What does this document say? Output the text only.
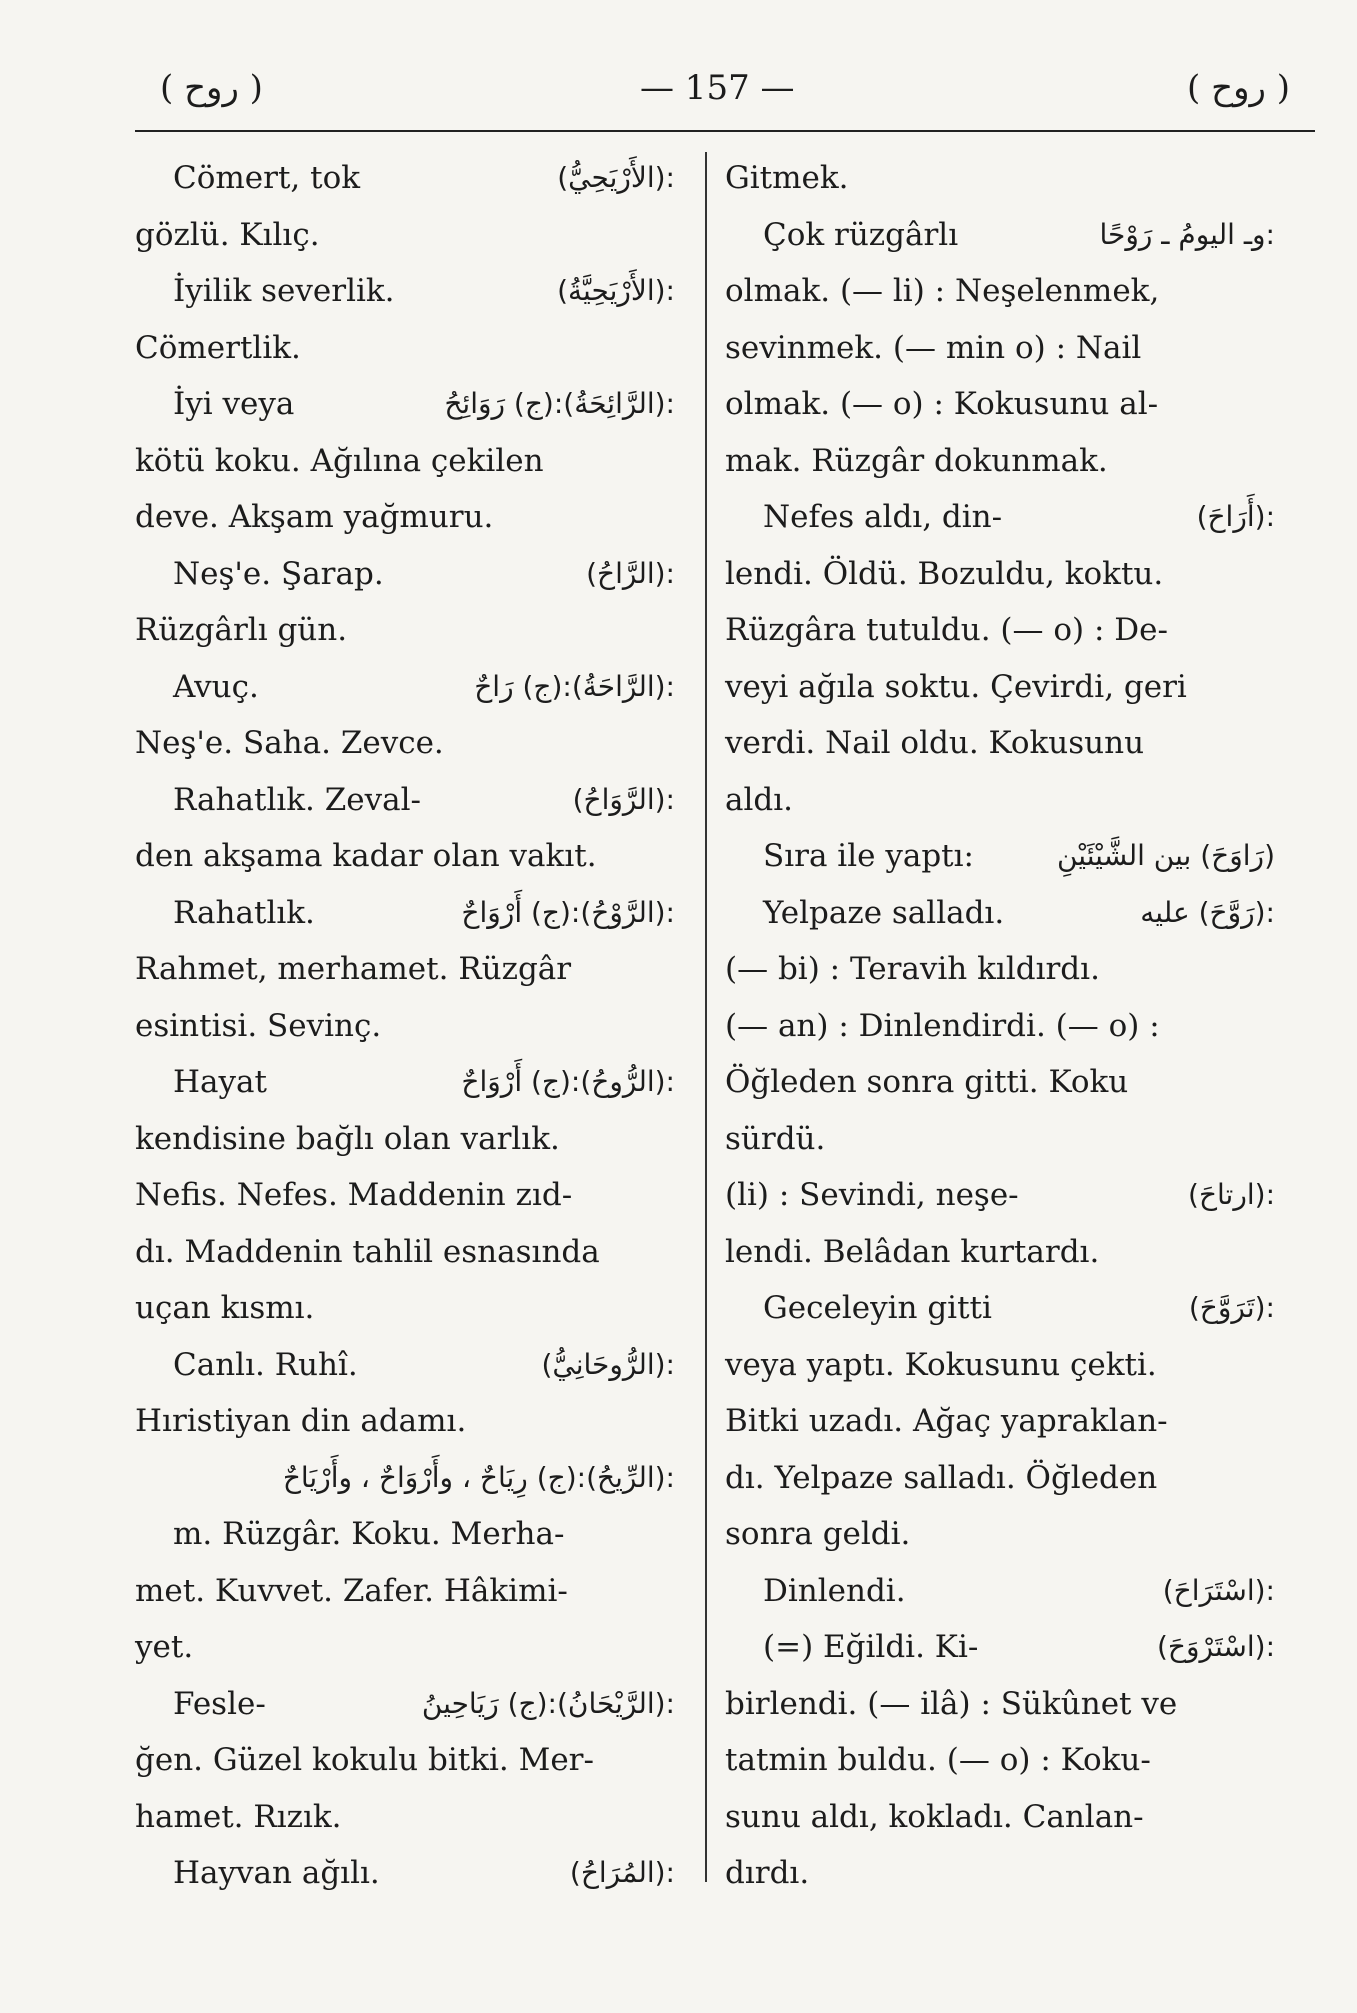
( روح )	— 157 —	( روح )
Cömert, tok	:(الأَرْيَحِيُّ)
gözlü. Kılıç.
İyilik severlik.	:(الأَرْيَحِيَّةُ)
Cömertlik.
İyi veya	:(الرَّائِحَةُ):(ج) رَوَائِحُ
kötü koku. Ağılına çekilen
deve. Akşam yağmuru.
Neş'e. Şarap.	:(الرَّاحُ)
Rüzgârlı gün.
Avuç.	:(الرَّاحَةُ):(ج) رَاحٌ
Neş'e. Saha. Zevce.
Rahatlık. Zeval-	:(الرَّوَاحُ)
den akşama kadar olan vakıt.
Rahatlık.	:(الرَّوْحُ):(ج) أَرْوَاحٌ
Rahmet, merhamet. Rüzgâr
esintisi. Sevinç.
Hayat	:(الرُّوحُ):(ج) أَرْوَاحٌ
kendisine bağlı olan varlık.
Nefis. Nefes. Maddenin zıd-
dı. Maddenin tahlil esnasında
uçan kısmı.
Canlı. Ruhî.	:(الرُّوحَانِيُّ)
Hıristiyan din adamı.
:(الرِّيحُ):(ج) رِيَاحٌ ، وأَرْوَاحٌ ، وأَرْيَاحٌ
m. Rüzgâr. Koku. Merha-
met. Kuvvet. Zafer. Hâkimi-
yet.
Fesle-	:(الرَّيْحَانُ):(ج) رَيَاحِينُ
ğen. Güzel kokulu bitki. Mer-
hamet. Rızık.
Hayvan ağılı.	:(المُرَاحُ)
Gitmek.
Çok rüzgârlı	:وـ اليومُ ـ رَوْحًا
olmak. (— li) : Neşelenmek,
sevinmek. (— min o) : Nail
olmak. (— o) : Kokusunu al-
mak. Rüzgâr dokunmak.
Nefes aldı, din-	:(أَرَاحَ)
lendi. Öldü. Bozuldu, koktu.
Rüzgâra tutuldu. (— o) : De-
veyi ağıla soktu. Çevirdi, geri
verdi. Nail oldu. Kokusunu
aldı.
Sıra ile yaptı:	(رَاوَحَ) بين الشَّيْئَيْنِ
Yelpaze salladı.	:(رَوَّحَ) عليه
(— bi) : Teravih kıldırdı.
(— an) : Dinlendirdi. (— o) :
Öğleden sonra gitti. Koku
sürdü.
(li) : Sevindi, neşe-	:(ارتاحَ)
lendi. Belâdan kurtardı.
Geceleyin gitti	:(تَرَوَّحَ)
veya yaptı. Kokusunu çekti.
Bitki uzadı. Ağaç yapraklan-
dı. Yelpaze salladı. Öğleden
sonra geldi.
Dinlendi.	:(اسْتَرَاحَ)
(=) Eğildi. Ki-	:(اسْتَرْوَحَ)
birlendi. (— ilâ) : Sükûnet ve
tatmin buldu. (— o) : Koku-
sunu aldı, kokladı. Canlan-
dırdı.
